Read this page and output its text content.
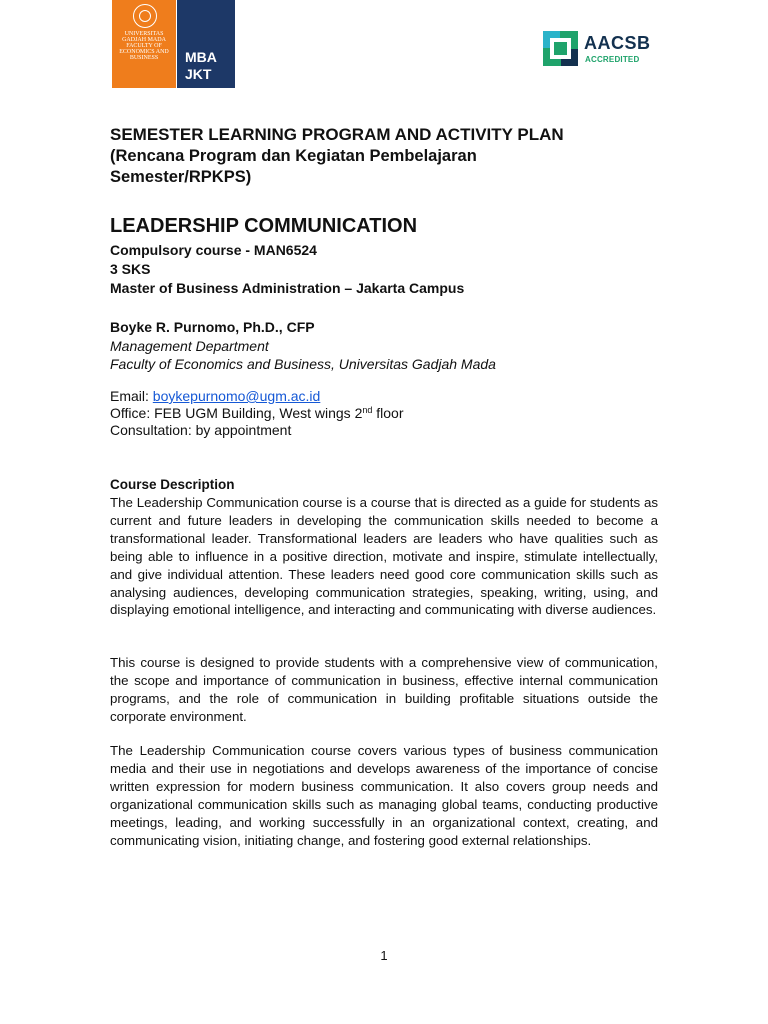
UNIVERSITAS GADJAH MADA FACULTY OF ECONOMICS AND BUSINESS	MBA
JKT
AACSB
ACCREDITED
SEMESTER LEARNING PROGRAM AND ACTIVITY PLAN
(Rencana Program dan Kegiatan Pembelajaran Semester/RPKPS)
LEADERSHIP COMMUNICATION
Compulsory course - MAN6524
3 SKS
Master of Business Administration – Jakarta Campus
Boyke R. Purnomo, Ph.D., CFP
Management Department
Faculty of Economics and Business, Universitas Gadjah Mada
Email: boykepurnomo@ugm.ac.id
Office: FEB UGM Building, West wings 2nd floor
Consultation: by appointment
Course Description
The Leadership Communication course is a course that is directed as a guide for students as current and future leaders in developing the communication skills needed to become a transformational leader. Transformational leaders are leaders who have qualities such as being able to influence in a positive direction, motivate and inspire, stimulate intellectually, and give individual attention. These leaders need good core communication skills such as analysing audiences, developing communication strategies, speaking, writing, using, and displaying emotional intelligence, and interacting and communicating with diverse audiences.
This course is designed to provide students with a comprehensive view of communication, the scope and importance of communication in business, effective internal communication programs, and the role of communication in building profitable situations outside the corporate environment.
The Leadership Communication course covers various types of business communication media and their use in negotiations and develops awareness of the importance of concise written expression for modern business communication. It also covers group needs and organizational communication skills such as managing global teams, conducting productive meetings, leading, and working successfully in an organizational context, creating, and communicating vision, initiating change, and fostering good external relationships.
1
